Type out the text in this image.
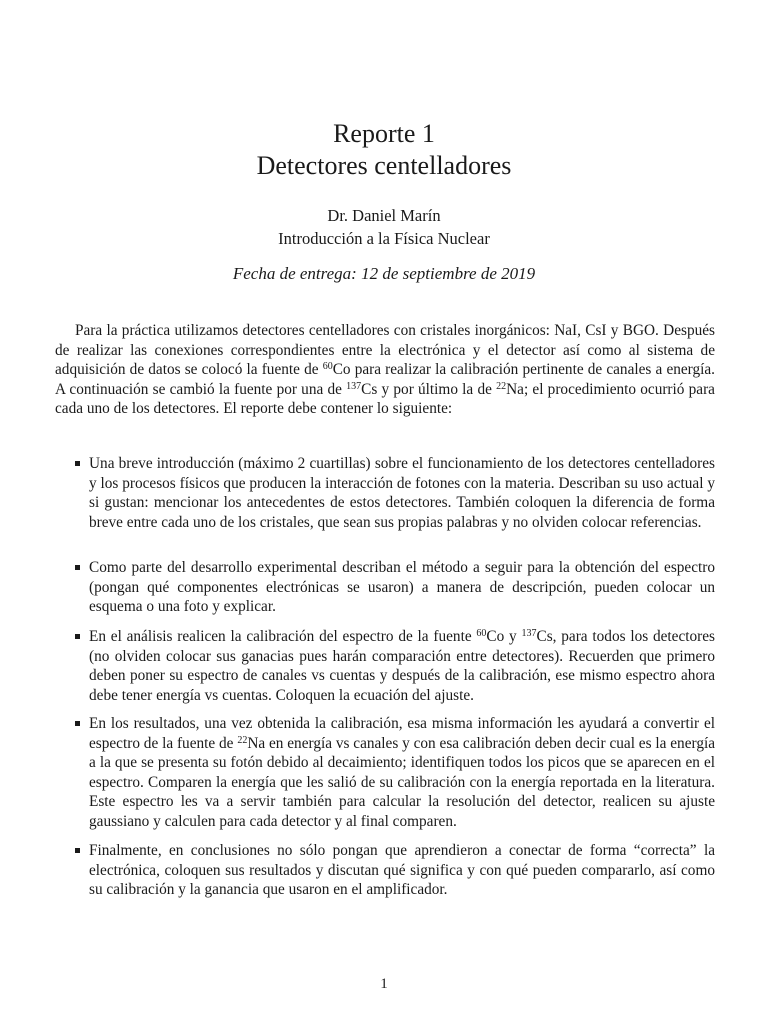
Reporte 1
Detectores centelladores
Dr. Daniel Marín
Introducción a la Física Nuclear
Fecha de entrega: 12 de septiembre de 2019

Para la práctica utilizamos detectores centelladores con cristales inorgánicos: NaI, CsI y BGO. Después de realizar las conexiones correspondientes entre la electrónica y el detector así como al sistema de adquisición de datos se colocó la fuente de $^{60}$Co para realizar la calibración pertinente de canales a energía. A continuación se cambió la fuente por una de $^{137}$Cs y por último la de $^{22}$Na; el procedimiento ocurrió para cada uno de los detectores. El reporte debe contener lo siguiente:

Una breve introducción (máximo 2 cuartillas) sobre el funcionamiento de los detectores centelladores y los procesos físicos que producen la interacción de fotones con la materia. Describan su uso actual y si gustan: mencionar los antecedentes de estos detectores. También coloquen la diferencia de forma breve entre cada uno de los cristales, que sean sus propias palabras y no olviden colocar referencias.

Como parte del desarrollo experimental describan el método a seguir para la obtención del espectro (pongan qué componentes electrónicas se usaron) a manera de descripción, pueden colocar un esquema o una foto y explicar.

En el análisis realicen la calibración del espectro de la fuente $^{60}$Co y $^{137}$Cs, para todos los detectores (no olviden colocar sus ganacias pues harán comparación entre detectores). Recuerden que primero deben poner su espectro de canales vs cuentas y después de la calibración, ese mismo espectro ahora debe tener energía vs cuentas. Coloquen la ecuación del ajuste.

En los resultados, una vez obtenida la calibración, esa misma información les ayudará a convertir el espectro de la fuente de $^{22}$Na en energía vs canales y con esa calibración deben decir cual es la energía a la que se presenta su fotón debido al decaimiento; identifiquen todos los picos que se aparecen en el espectro. Comparen la energía que les salió de su calibración con la energía reportada en la literatura. Este espectro les va a servir también para calcular la resolución del detector, realicen su ajuste gaussiano y calculen para cada detector y al final comparen.

Finalmente, en conclusiones no sólo pongan que aprendieron a conectar de forma “correcta” la electrónica, coloquen sus resultados y discutan qué significa y con qué pueden compararlo, así como su calibración y la ganancia que usaron en el amplificador.

1
